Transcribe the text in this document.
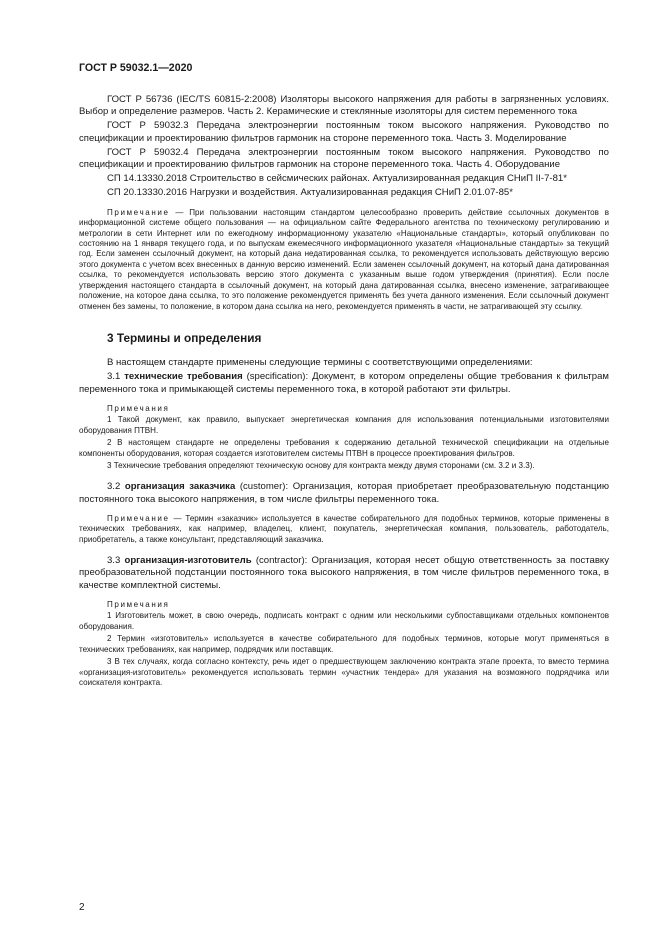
ГОСТ Р 59032.1—2020

ГОСТ Р 56736 (IEC/TS 60815-2:2008) Изоляторы высокого напряжения для работы в загрязненных условиях. Выбор и определение размеров. Часть 2. Керамические и стеклянные изоляторы для систем переменного тока

ГОСТ Р 59032.3 Передача электроэнергии постоянным током высокого напряжения. Руководство по спецификации и проектированию фильтров гармоник на стороне переменного тока. Часть 3. Моделирование

ГОСТ Р 59032.4 Передача электроэнергии постоянным током высокого напряжения. Руководство по спецификации и проектированию фильтров гармоник на стороне переменного тока. Часть 4. Оборудование

СП 14.13330.2018 Строительство в сейсмических районах. Актуализированная редакция СНиП II-7-81*

СП 20.13330.2016 Нагрузки и воздействия. Актуализированная редакция СНиП 2.01.07-85*

Примечание — При пользовании настоящим стандартом целесообразно проверить действие ссылочных документов в информационной системе общего пользования — на официальном сайте Федерального агентства по техническому регулированию и метрологии в сети Интернет или по ежегодному информационному указателю «Национальные стандарты», который опубликован по состоянию на 1 января текущего года, и по выпускам ежемесячного информационного указателя «Национальные стандарты» за текущий год. Если заменен ссылочный документ, на который дана недатированная ссылка, то рекомендуется использовать действующую версию этого документа с учетом всех внесенных в данную версию изменений. Если заменен ссылочный документ, на который дана датированная ссылка, то рекомендуется использовать версию этого документа с указанным выше годом утверждения (принятия). Если после утверждения настоящего стандарта в ссылочный документ, на который дана датированная ссылка, внесено изменение, затрагивающее положение, на которое дана ссылка, то это положение рекомендуется применять без учета данного изменения. Если ссылочный документ отменен без замены, то положение, в котором дана ссылка на него, рекомендуется применять в части, не затрагивающей эту ссылку.

3 Термины и определения

В настоящем стандарте применены следующие термины с соответствующими определениями:

3.1 технические требования (specification): Документ, в котором определены общие требования к фильтрам переменного тока и примыкающей системы переменного тока, в которой работают эти фильтры.

Примечания

1 Такой документ, как правило, выпускает энергетическая компания для использования потенциальными изготовителями оборудования ПТВН.

2 В настоящем стандарте не определены требования к содержанию детальной технической спецификации на отдельные компоненты оборудования, которая создается изготовителем системы ПТВН в процессе проектирования фильтров.

3 Технические требования определяют техническую основу для контракта между двумя сторонами (см. 3.2 и 3.3).

3.2 организация заказчика (customer): Организация, которая приобретает преобразовательную подстанцию постоянного тока высокого напряжения, в том числе фильтры переменного тока.

Примечание — Термин «заказчик» используется в качестве собирательного для подобных терминов, которые применены в технических требованиях, как например, владелец, клиент, покупатель, энергетическая компания, пользователь, работодатель, приобретатель, а также консультант, представляющий заказчика.

3.3 организация-изготовитель (contractor): Организация, которая несет общую ответственность за поставку преобразовательной подстанции постоянного тока высокого напряжения, в том числе фильтров переменного тока, в качестве комплектной системы.

Примечания

1 Изготовитель может, в свою очередь, подписать контракт с одним или несколькими субпоставщиками отдельных компонентов оборудования.

2 Термин «изготовитель» используется в качестве собирательного для подобных терминов, которые могут применяться в технических требованиях, как например, подрядчик или поставщик.

3 В тех случаях, когда согласно контексту, речь идет о предшествующем заключению контракта этапе проекта, то вместо термина «организация-изготовитель» рекомендуется использовать термин «участник тендера» для указания на возможного подрядчика или соискателя контракта.

2
